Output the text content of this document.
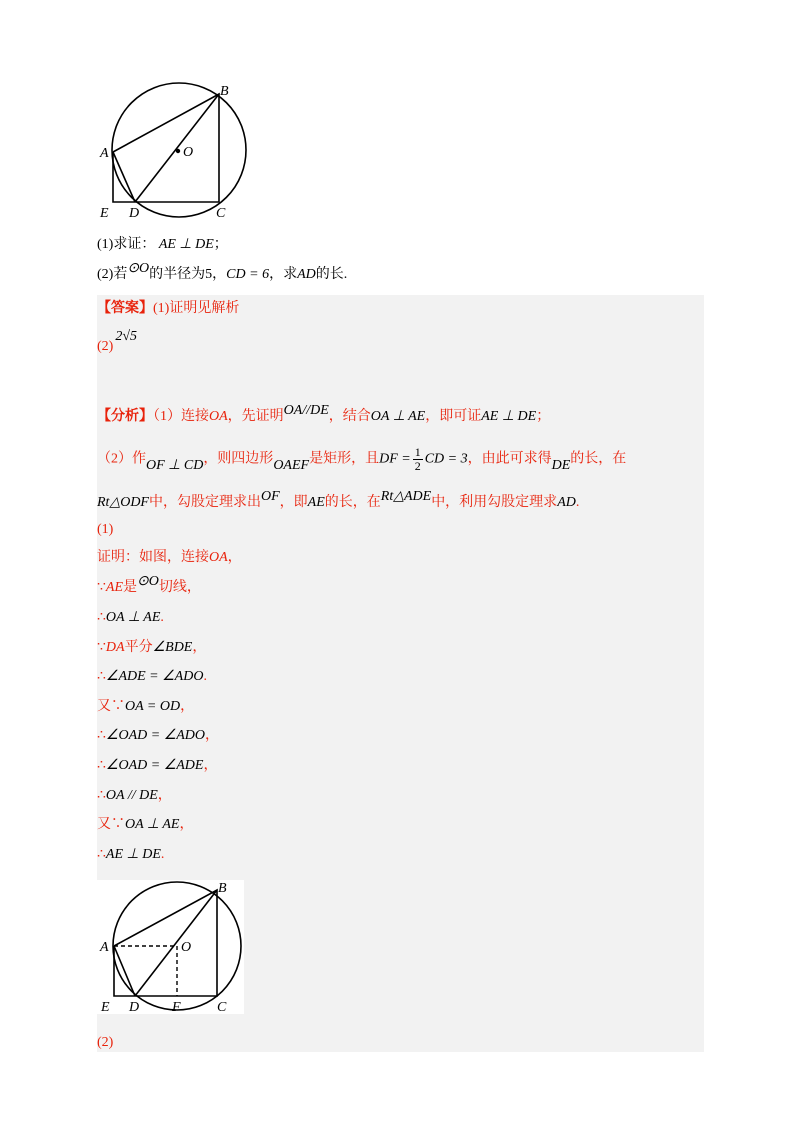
A
B
O
E D	C
(1)求证： AE ⊥ DE；
(2)若⊙O的半径为5，CD = 6，求AD的长.
【答案】(1)证明见解析
(2)2√5
【分析】（1）连接OA，先证明OA//DE，结合OA ⊥ AE，即可证AE ⊥ DE；
（2）作OF ⊥ CD，则四边形OAEF是矩形，且DF = $\frac{1}{2}$ CD = 3，由此可求得DE的长，在
Rt△ODF中，勾股定理求出OF，即AE的长，在Rt△ADE中，利用勾股定理求AD.
(1)
证明：如图，连接OA，
∵AE是⊙O切线，
∴OA ⊥ AE.
∵DA平分∠BDE，
∴∠ADE = ∠ADO.
又∵OA = OD，
∴∠OAD = ∠ADO，
∴∠OAD = ∠ADE，
∴OA // DE，
又∵OA ⊥ AE，
∴AE ⊥ DE.
A
B
O
E D F	C
(2)
